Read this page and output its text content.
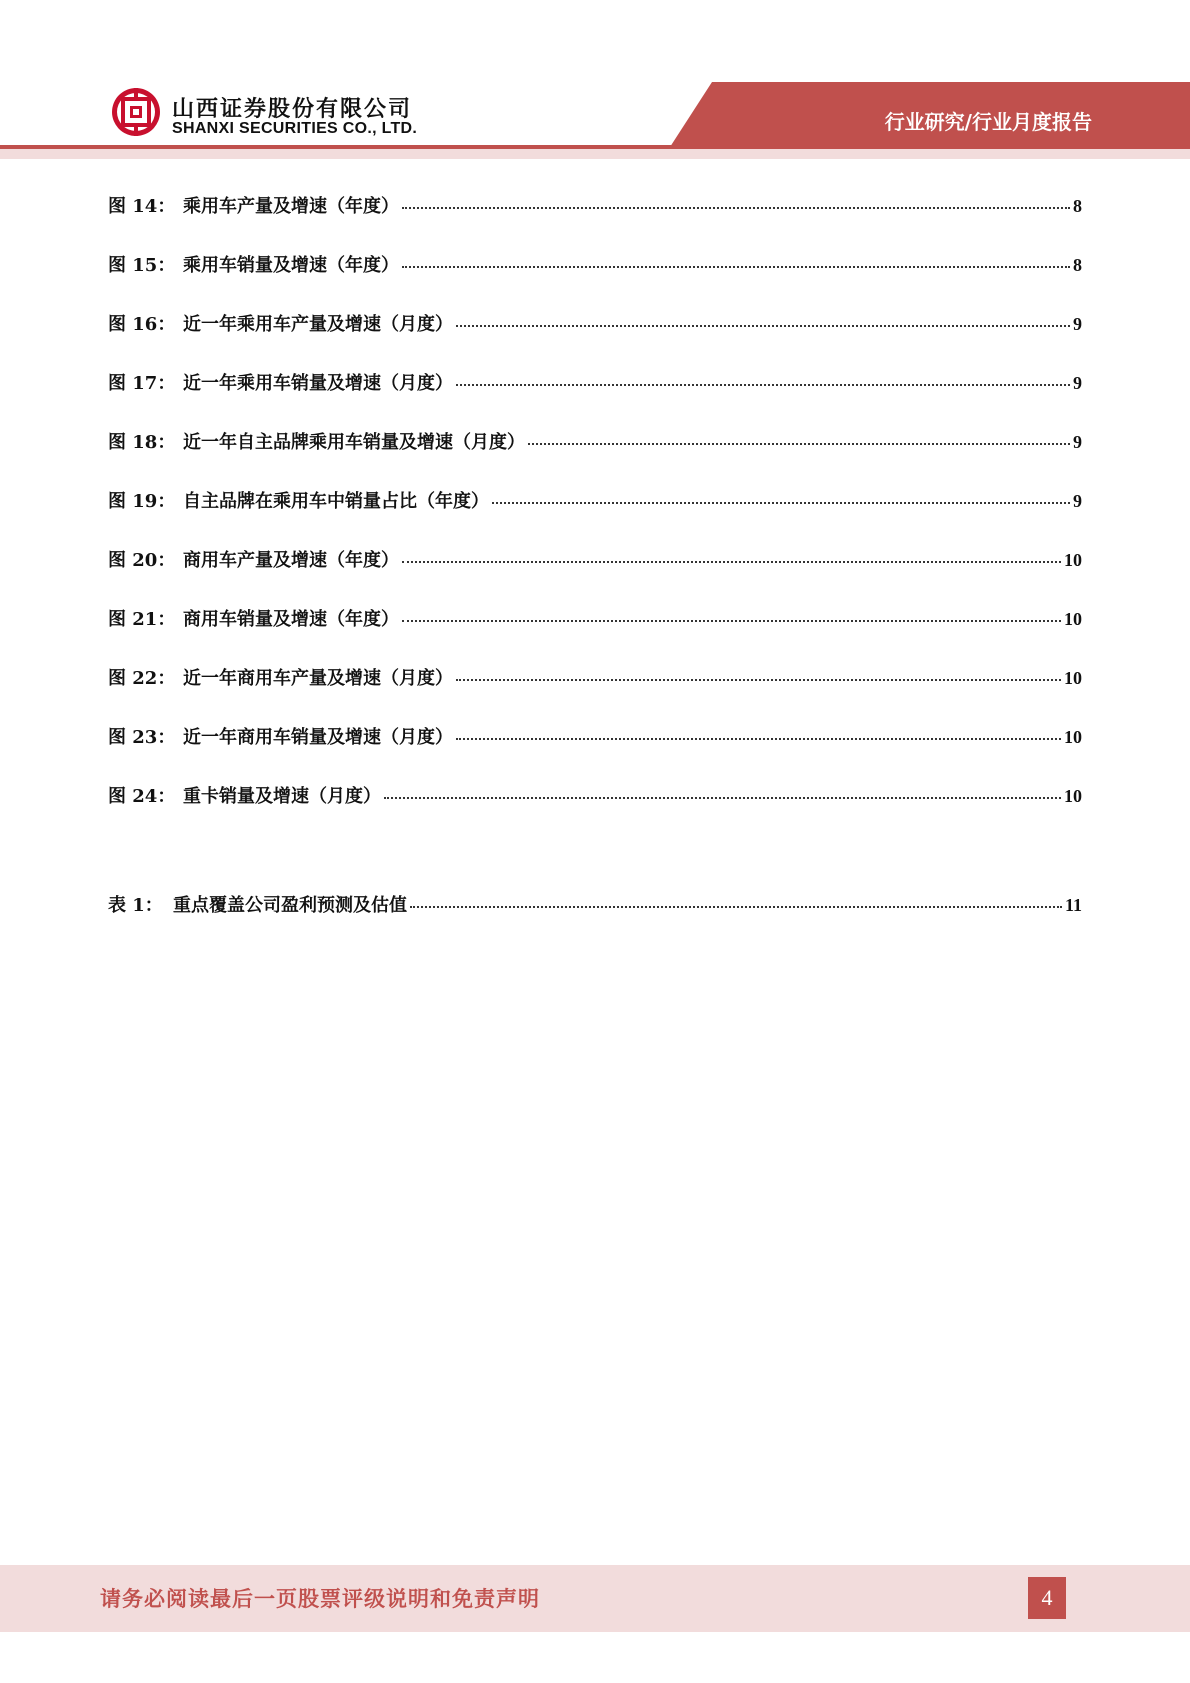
山西证券股份有限公司
SHANXI SECURITIES CO., LTD.	行业研究/行业月度报告
图 14： 乘用车产量及增速（年度）	8
图 15： 乘用车销量及增速（年度）	8
图 16： 近一年乘用车产量及增速（月度）	9
图 17： 近一年乘用车销量及增速（月度）	9
图 18： 近一年自主品牌乘用车销量及增速（月度）	9
图 19： 自主品牌在乘用车中销量占比（年度）	9
图 20： 商用车产量及增速（年度）	10
图 21： 商用车销量及增速（年度）	10
图 22： 近一年商用车产量及增速（月度）	10
图 23： 近一年商用车销量及增速（月度）	10
图 24： 重卡销量及增速（月度）	10
表 1： 重点覆盖公司盈利预测及估值	11
请务必阅读最后一页股票评级说明和免责声明	4
